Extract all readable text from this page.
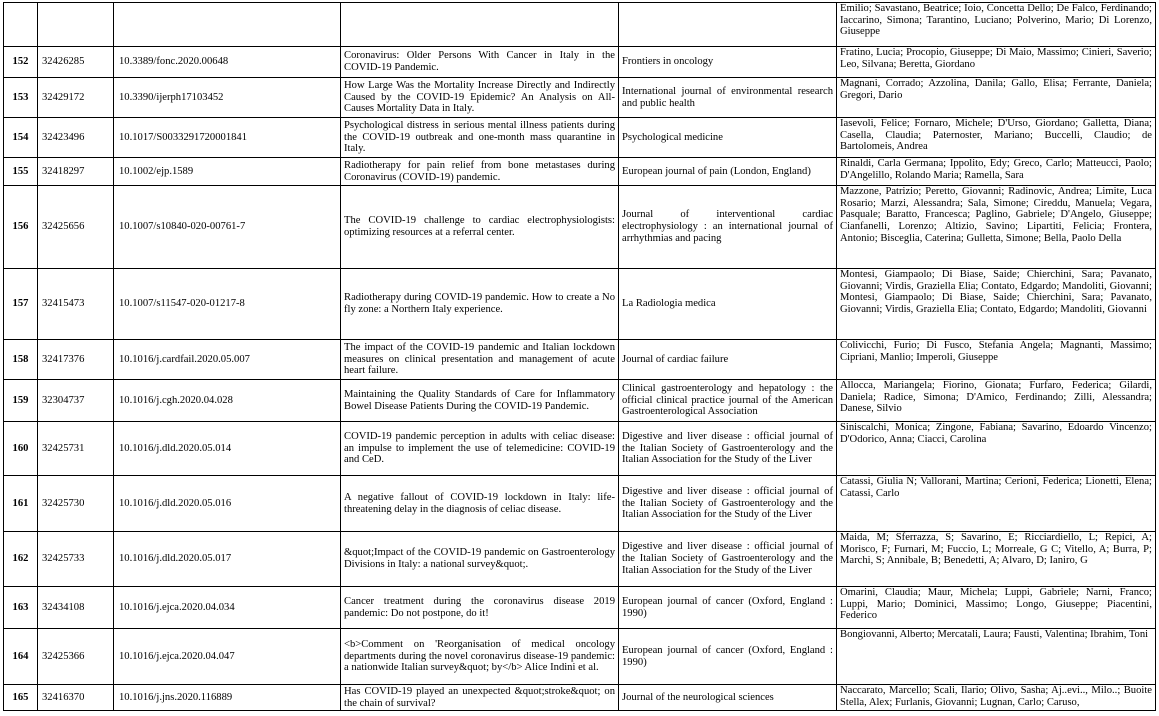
					Emilio; Savastano, Beatrice; Ioio, Concetta Dello; De Falco, Ferdinando; Iaccarino, Simona; Tarantino, Luciano; Polverino, Mario; Di Lorenzo, Giuseppe
152	32426285	10.3389/fonc.2020.00648	Coronavirus: Older Persons With Cancer in Italy in the COVID-19 Pandemic.	Frontiers in oncology	Fratino, Lucia; Procopio, Giuseppe; Di Maio, Massimo; Cinieri, Saverio; Leo, Silvana; Beretta, Giordano
153	32429172	10.3390/ijerph17103452	How Large Was the Mortality Increase Directly and Indirectly Caused by the COVID-19 Epidemic? An Analysis on All-Causes Mortality Data in Italy.	International journal of environmental research and public health	Magnani, Corrado; Azzolina, Danila; Gallo, Elisa; Ferrante, Daniela; Gregori, Dario
154	32423496	10.1017/S0033291720001841	Psychological distress in serious mental illness patients during the COVID-19 outbreak and one-month mass quarantine in Italy.	Psychological medicine	Iasevoli, Felice; Fornaro, Michele; D'Urso, Giordano; Galletta, Diana; Casella, Claudia; Paternoster, Mariano; Buccelli, Claudio; de Bartolomeis, Andrea
155	32418297	10.1002/ejp.1589	Radiotherapy for pain relief from bone metastases during Coronavirus (COVID-19) pandemic.	European journal of pain (London, England)	Rinaldi, Carla Germana; Ippolito, Edy; Greco, Carlo; Matteucci, Paolo; D'Angelillo, Rolando Maria; Ramella, Sara
156	32425656	10.1007/s10840-020-00761-7	The COVID-19 challenge to cardiac electrophysiologists: optimizing resources at a referral center.	Journal of interventional cardiac electrophysiology : an international journal of arrhythmias and pacing	Mazzone, Patrizio; Peretto, Giovanni; Radinovic, Andrea; Limite, Luca Rosario; Marzi, Alessandra; Sala, Simone; Cireddu, Manuela; Vegara, Pasquale; Baratto, Francesca; Paglino, Gabriele; D'Angelo, Giuseppe; Cianfanelli, Lorenzo; Altizio, Savino; Lipartiti, Felicia; Frontera, Antonio; Bisceglia, Caterina; Gulletta, Simone; Bella, Paolo Della
157	32415473	10.1007/s11547-020-01217-8	Radiotherapy during COVID-19 pandemic. How to create a No fly zone: a Northern Italy experience.	La Radiologia medica	Montesi, Giampaolo; Di Biase, Saide; Chierchini, Sara; Pavanato, Giovanni; Virdis, Graziella Elia; Contato, Edgardo; Mandoliti, Giovanni; Montesi, Giampaolo; Di Biase, Saide; Chierchini, Sara; Pavanato, Giovanni; Virdis, Graziella Elia; Contato, Edgardo; Mandoliti, Giovanni
158	32417376	10.1016/j.cardfail.2020.05.007	The impact of the COVID-19 pandemic and Italian lockdown measures on clinical presentation and management of acute heart failure.	Journal of cardiac failure	Colivicchi, Furio; Di Fusco, Stefania Angela; Magnanti, Massimo; Cipriani, Manlio; Imperoli, Giuseppe
159	32304737	10.1016/j.cgh.2020.04.028	Maintaining the Quality Standards of Care for Inflammatory Bowel Disease Patients During the COVID-19 Pandemic.	Clinical gastroenterology and hepatology : the official clinical practice journal of the American Gastroenterological Association	Allocca, Mariangela; Fiorino, Gionata; Furfaro, Federica; Gilardi, Daniela; Radice, Simona; D'Amico, Ferdinando; Zilli, Alessandra; Danese, Silvio
160	32425731	10.1016/j.dld.2020.05.014	COVID-19 pandemic perception in adults with celiac disease: an impulse to implement the use of telemedicine: COVID-19 and CeD.	Digestive and liver disease : official journal of the Italian Society of Gastroenterology and the Italian Association for the Study of the Liver	Siniscalchi, Monica; Zingone, Fabiana; Savarino, Edoardo Vincenzo; D'Odorico, Anna; Ciacci, Carolina
161	32425730	10.1016/j.dld.2020.05.016	A negative fallout of COVID-19 lockdown in Italy: life-threatening delay in the diagnosis of celiac disease.	Digestive and liver disease : official journal of the Italian Society of Gastroenterology and the Italian Association for the Study of the Liver	Catassi, Giulia N; Vallorani, Martina; Cerioni, Federica; Lionetti, Elena; Catassi, Carlo
162	32425733	10.1016/j.dld.2020.05.017	&quot;Impact of the COVID-19 pandemic on Gastroenterology Divisions in Italy: a national survey&quot;.	Digestive and liver disease : official journal of the Italian Society of Gastroenterology and the Italian Association for the Study of the Liver	Maida, M; Sferrazza, S; Savarino, E; Ricciardiello, L; Repici, A; Morisco, F; Furnari, M; Fuccio, L; Morreale, G C; Vitello, A; Burra, P; Marchi, S; Annibale, B; Benedetti, A; Alvaro, D; Ianiro, G
163	32434108	10.1016/j.ejca.2020.04.034	Cancer treatment during the coronavirus disease 2019 pandemic: Do not postpone, do it!	European journal of cancer (Oxford, England : 1990)	Omarini, Claudia; Maur, Michela; Luppi, Gabriele; Narni, Franco; Luppi, Mario; Dominici, Massimo; Longo, Giuseppe; Piacentini, Federico
164	32425366	10.1016/j.ejca.2020.04.047	<b>Comment on 'Reorganisation of medical oncology departments during the novel coronavirus disease-19 pandemic: a nationwide Italian survey&quot; by</b> Alice Indini et al.	European journal of cancer (Oxford, England : 1990)	Bongiovanni, Alberto; Mercatali, Laura; Fausti, Valentina; Ibrahim, Toni
165	32416370	10.1016/j.jns.2020.116889	Has COVID-19 played an unexpected &quot;stroke&quot; on the chain of survival?	Journal of the neurological sciences	Naccarato, Marcello; Scali, Ilario; Olivo, Sasha; Aj..evi.., Milo..; Buoite Stella, Alex; Furlanis, Giovanni; Lugnan, Carlo; Caruso,
